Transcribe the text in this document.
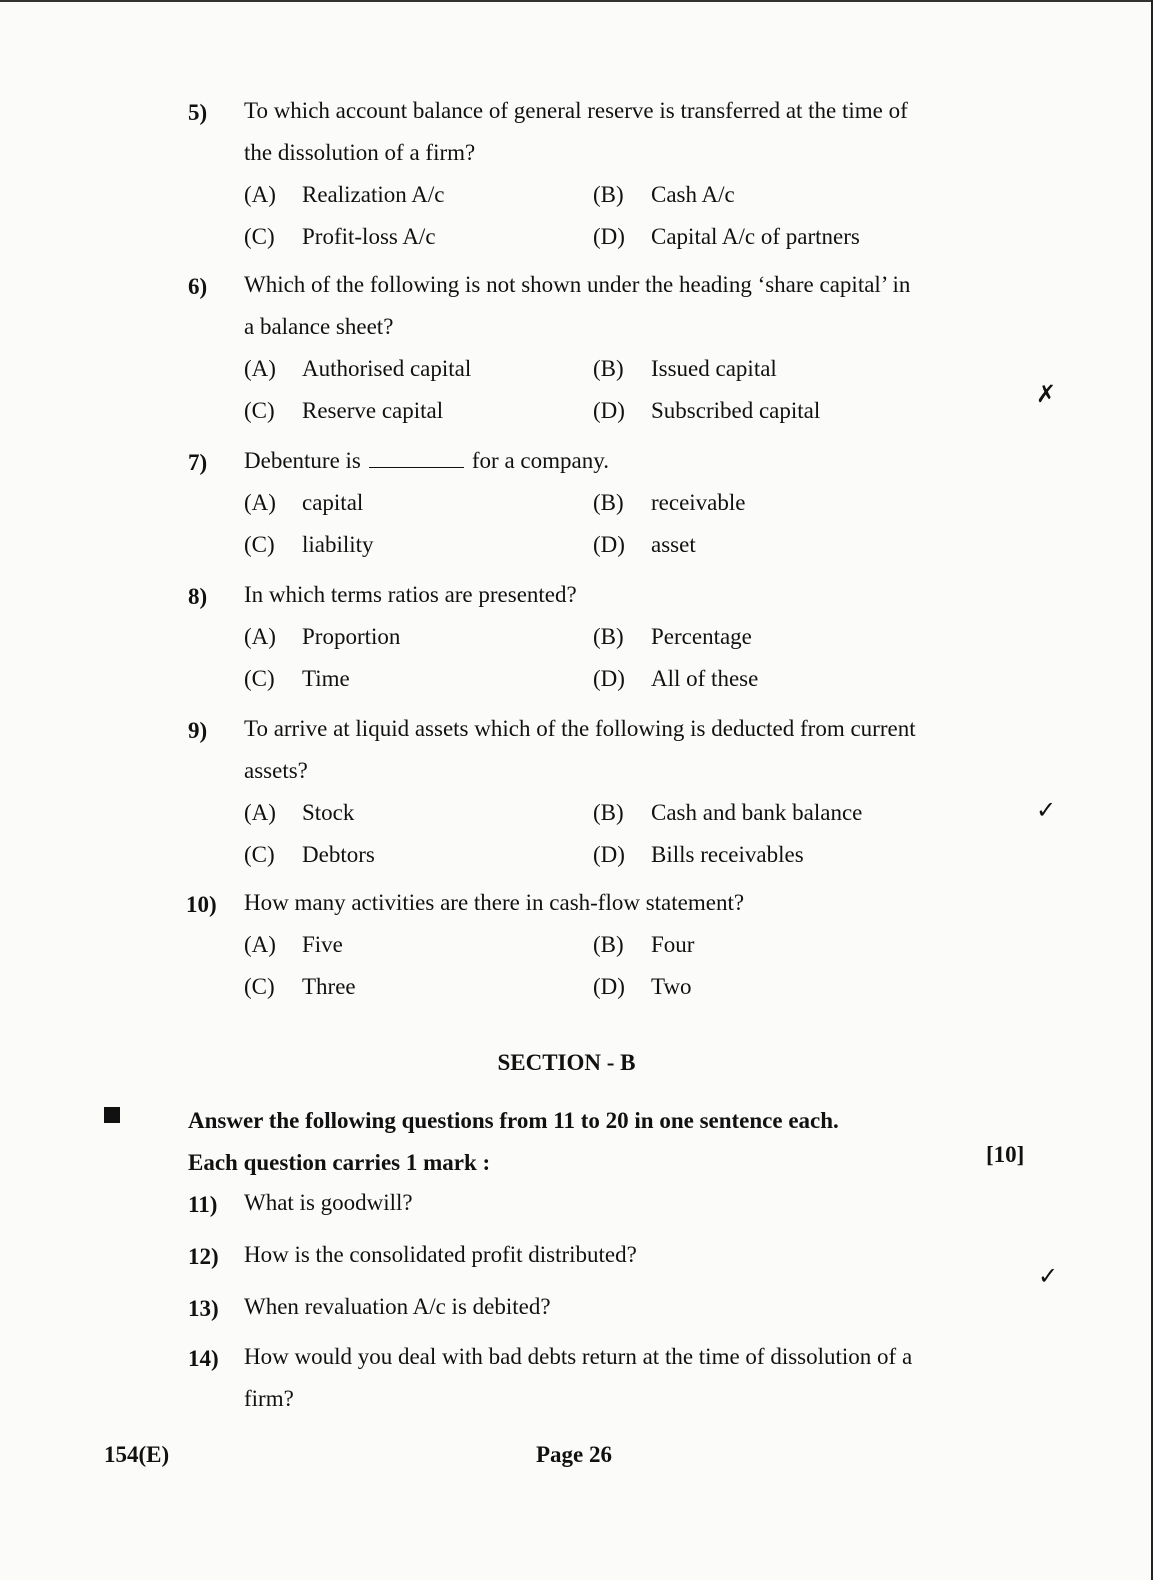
5) To which account balance of general reserve is transferred at the time of the dissolution of a firm?
(A) Realization A/c	(B) Cash A/c
(C) Profit-loss A/c	(D) Capital A/c of partners
6) Which of the following is not shown under the heading ‘share capital’ in a balance sheet?
(A) Authorised capital	(B) Issued capital
(C) Reserve capital	(D) Subscribed capital
7) Debenture is	for a company.
(A) capital	(B) receivable
(C) liability	(D) asset
8) In which terms ratios are presented?
(A) Proportion	(B) Percentage
(C) Time	(D) All of these
9) To arrive at liquid assets which of the following is deducted from current assets?
(A) Stock	(B) Cash and bank balance
(C) Debtors	(D) Bills receivables
10) How many activities are there in cash-flow statement?
(A) Five	(B) Four
(C) Three	(D) Two
SECTION - B
Answer the following questions from 11 to 20 in one sentence each.
Each question carries 1 mark :	[10]
11) What is goodwill?
12) How is the consolidated profit distributed?
13) When revaluation A/c is debited?
14) How would you deal with bad debts return at the time of dissolution of a firm?
154(E)	Page 26
✗
✓
✓
